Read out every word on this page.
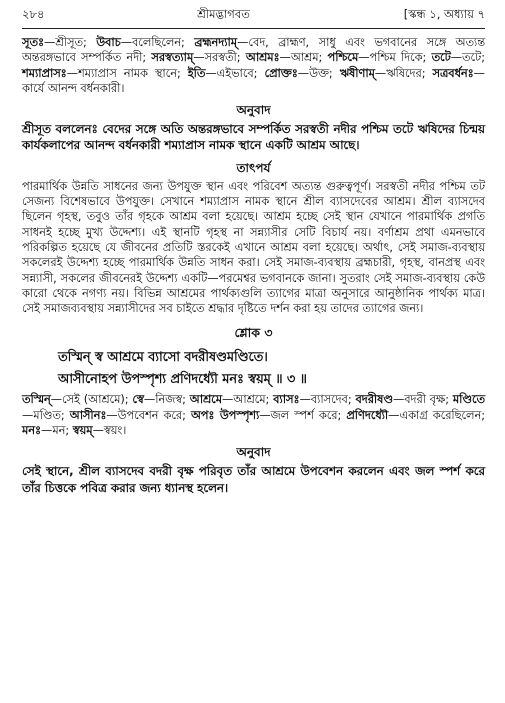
২৮৪	শ্রীমদ্ভাগবত	[স্কন্ধ ১, অধ্যায় ৭

সূতঃ—শ্রীসূত; উবাচ—বলেছিলেন; ব্রহ্মনদ্যাম্—বেদ, ব্রাহ্মণ, সাধু এবং ভগবানের সঙ্গে অত্যন্ত অন্তরঙ্গভাবে সম্পর্কিত নদী; সরস্বত্যাম্—সরস্বতী; আশ্রমঃ—আশ্রম; পশ্চিমে—পশ্চিম দিকে; তটে—তটে; শম্যাপ্রাসঃ—শম্যাপ্রাস নামক স্থানে; ইতি—এইভাবে; প্রোক্তঃ—উক্ত; ঋষীণাম্—ঋষিদের; সত্রবর্ধনঃ—কার্যে আনন্দ বর্ধনকারী।

অনুবাদ

শ্রীসূত বললেনঃ বেদের সঙ্গে অতি অন্তরঙ্গভাবে সম্পর্কিত সরস্বতী নদীর পশ্চিম তটে ঋষিদের চিন্ময় কার্যকলাপের আনন্দ বর্ধনকারী শম্যাপ্রাস নামক স্থানে একটি আশ্রম আছে।

তাৎপর্য

পারমার্থিক উন্নতি সাধনের জন্য উপযুক্ত স্থান এবং পরিবেশ অত্যন্ত গুরুত্বপূর্ণ। সরস্বতী নদীর পশ্চিম তট সেজন্য বিশেষভাবে উপযুক্ত। সেখানে শম্যাপ্রাস নামক স্থানে শ্রীল ব্যাসদেবের আশ্রম। শ্রীল ব্যাসদেব ছিলেন গৃহস্থ, তবুও তাঁর গৃহকে আশ্রম বলা হয়েছে। আশ্রম হচ্ছে সেই স্থান যেখানে পারমার্থিক প্রগতি সাধনই হচ্ছে মুখ্য উদ্দেশ্য। এই স্থানটি গৃহস্থ না সন্ন্যাসীর সেটি বিচার্য নয়। বর্ণাশ্রম প্রথা এমনভাবে পরিকল্পিত হয়েছে যে জীবনের প্রতিটি স্তরকেই এখানে আশ্রম বলা হয়েছে। অর্থাৎ, সেই সমাজ-ব্যবস্থায় সকলেরই উদ্দেশ্য হচ্ছে পারমার্থিক উন্নতি সাধন করা। সেই সমাজ-ব্যবস্থায় ব্রহ্মচারী, গৃহস্থ, বানপ্রস্থ এবং সন্ন্যাসী, সকলের জীবনেরই উদ্দেশ্য একটি—পরমেশ্বর ভগবানকে জানা। সুতরাং সেই সমাজ-ব্যবস্থায় কেউ কারো থেকে নগণ্য নয়। বিভিন্ন আশ্রমের পার্থক্যগুলি ত্যাগের মাত্রা অনুসারে আনুষ্ঠানিক পার্থক্য মাত্র। সেই সমাজব্যবস্থায় সন্ন্যাসীদের সব চাইতে শ্রদ্ধার দৃষ্টিতে দর্শন করা হয় তাদের ত্যাগের জন্য।

শ্লোক ৩
তস্মিন্ স্ব আশ্রমে ব্যাসো বদরীষণ্ডমণ্ডিতে।
আসীনোহপ উপস্পৃশ্য প্রণিদধ্যৌ মনঃ স্বয়ম্ ॥ ৩ ॥

তস্মিন্—সেই (আশ্রমে); স্বে—নিজস্ব; আশ্রমে—আশ্রমে; ব্যাসঃ—ব্যাসদেব; বদরীষণ্ড—বদরী বৃক্ষ; মণ্ডিতে—মণ্ডিত; আসীনঃ—উপবেশন করে; অপঃ উপস্পৃশ্য—জল স্পর্শ করে; প্রণিদধ্যৌ—একাগ্র করেছিলেন; মনঃ—মন; স্বয়ম্—স্বয়ং।

অনুবাদ

সেই স্থানে, শ্রীল ব্যাসদেব বদরী বৃক্ষ পরিবৃত তাঁর আশ্রমে উপবেশন করলেন এবং জল স্পর্শ করে তাঁর চিত্তকে পবিত্র করার জন্য ধ্যানস্থ হলেন।
